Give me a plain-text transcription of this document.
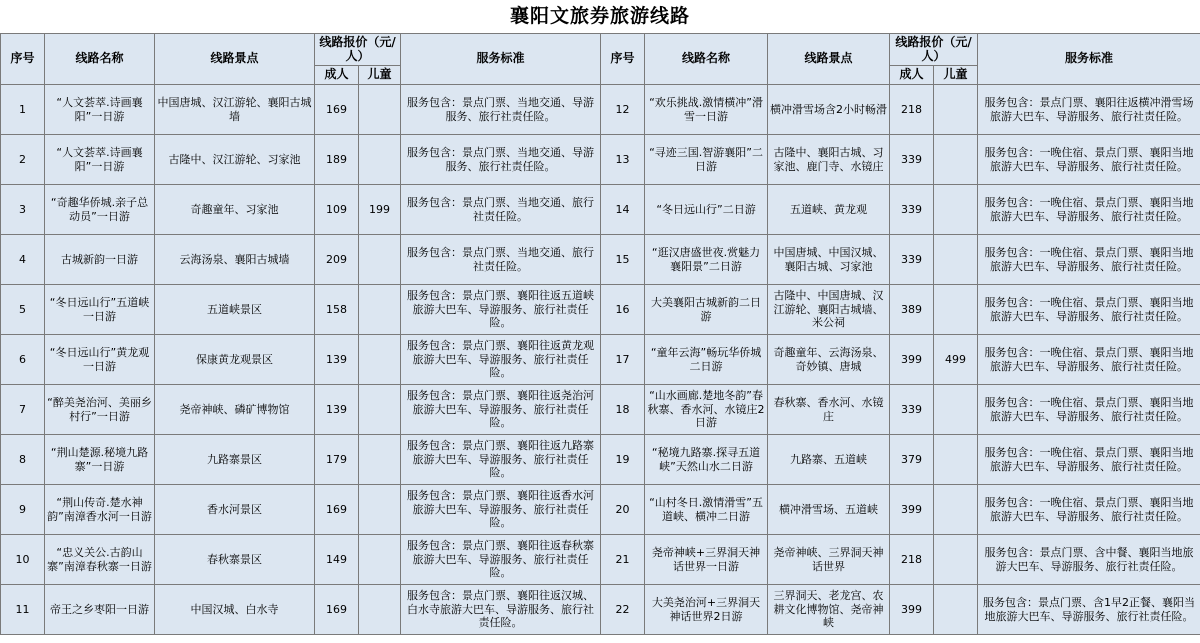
襄阳文旅券旅游线路
序号	线路名称	线路景点	线路报价（元/人）		服务标准	序号	线路名称	线路景点	线路报价（元/人）		服务标准
			成人	儿童					成人	儿童	
1	“人文荟萃.诗画襄阳”一日游	中国唐城、汉江游轮、襄阳古城墙	169		服务包含：景点门票、当地交通、导游服务、旅行社责任险。	12	“欢乐挑战.激情横冲”滑雪一日游	横冲滑雪场含2小时畅滑	218		服务包含：景点门票、襄阳往返横冲滑雪场旅游大巴车、导游服务、旅行社责任险。
2	“人文荟萃.诗画襄阳”一日游	古隆中、汉江游轮、习家池	189		服务包含：景点门票、当地交通、导游服务、旅行社责任险。	13	“寻迹三国.智游襄阳”二日游	古隆中、襄阳古城、习家池、鹿门寺、水镜庄	339		服务包含：一晚住宿、景点门票、襄阳当地旅游大巴车、导游服务、旅行社责任险。
3	“奇趣华侨城.亲子总动员”一日游	奇趣童年、习家池	109	199	服务包含：景点门票、当地交通、旅行社责任险。	14	“冬日远山行”二日游	五道峡、黄龙观	339		服务包含：一晚住宿、景点门票、襄阳当地旅游大巴车、导游服务、旅行社责任险。
4	古城新韵一日游	云海汤泉、襄阳古城墙	209		服务包含：景点门票、当地交通、旅行社责任险。	15	“逛汉唐盛世夜.赏魅力襄阳景”二日游	中国唐城、中国汉城、襄阳古城、习家池	339		服务包含：一晚住宿、景点门票、襄阳当地旅游大巴车、导游服务、旅行社责任险。
5	“冬日远山行”五道峡一日游	五道峡景区	158		服务包含：景点门票、襄阳往返五道峡旅游大巴车、导游服务、旅行社责任险。	16	大美襄阳古城新韵二日游	古隆中、中国唐城、汉江游轮、襄阳古城墙、米公祠	389		服务包含：一晚住宿、景点门票、襄阳当地旅游大巴车、导游服务、旅行社责任险。
6	“冬日远山行”黄龙观一日游	保康黄龙观景区	139		服务包含：景点门票、襄阳往返黄龙观旅游大巴车、导游服务、旅行社责任险。	17	“童年云海”畅玩华侨城二日游	奇趣童年、云海汤泉、奇妙镇、唐城	399	499	服务包含：一晚住宿、景点门票、襄阳当地旅游大巴车、导游服务、旅行社责任险。
7	“醉美尧治河、美丽乡村行”一日游	尧帝神峡、磷矿博物馆	139		服务包含：景点门票、襄阳往返尧治河旅游大巴车、导游服务、旅行社责任险。	18	“山水画廊.楚地冬韵”春秋寨、香水河、水镜庄2日游	春秋寨、香水河、水镜庄	339		服务包含：一晚住宿、景点门票、襄阳当地旅游大巴车、导游服务、旅行社责任险。
8	“荆山楚源.秘境九路寨”一日游	九路寨景区	179		服务包含：景点门票、襄阳往返九路寨旅游大巴车、导游服务、旅行社责任险。	19	“秘境九路寨.探寻五道峡”天然山水二日游	九路寨、五道峡	379		服务包含：一晚住宿、景点门票、襄阳当地旅游大巴车、导游服务、旅行社责任险。
9	“荆山传奇.楚水神韵”南漳香水河一日游	香水河景区	169		服务包含：景点门票、襄阳往返香水河旅游大巴车、导游服务、旅行社责任险。	20	“山村冬日.激情滑雪”五道峡、横冲二日游	横冲滑雪场、五道峡	399		服务包含：一晚住宿、景点门票、襄阳当地旅游大巴车、导游服务、旅行社责任险。
10	“忠义关公.古韵山寨”南漳春秋寨一日游	春秋寨景区	149		服务包含：景点门票、襄阳往返春秋寨旅游大巴车、导游服务、旅行社责任险。	21	尧帝神峡+三界洞天神话世界一日游	尧帝神峡、三界洞天神话世界	218		服务包含：景点门票、含中餐、襄阳当地旅游大巴车、导游服务、旅行社责任险。
11	帝王之乡枣阳一日游	中国汉城、白水寺	169		服务包含：景点门票、襄阳往返汉城、白水寺旅游大巴车、导游服务、旅行社责任险。	22	大美尧治河+三界洞天神话世界2日游	三界洞天、老龙宫、农耕文化博物馆、尧帝神峡	399		服务包含：景点门票、含1早2正餐、襄阳当地旅游大巴车、导游服务、旅行社责任险。
